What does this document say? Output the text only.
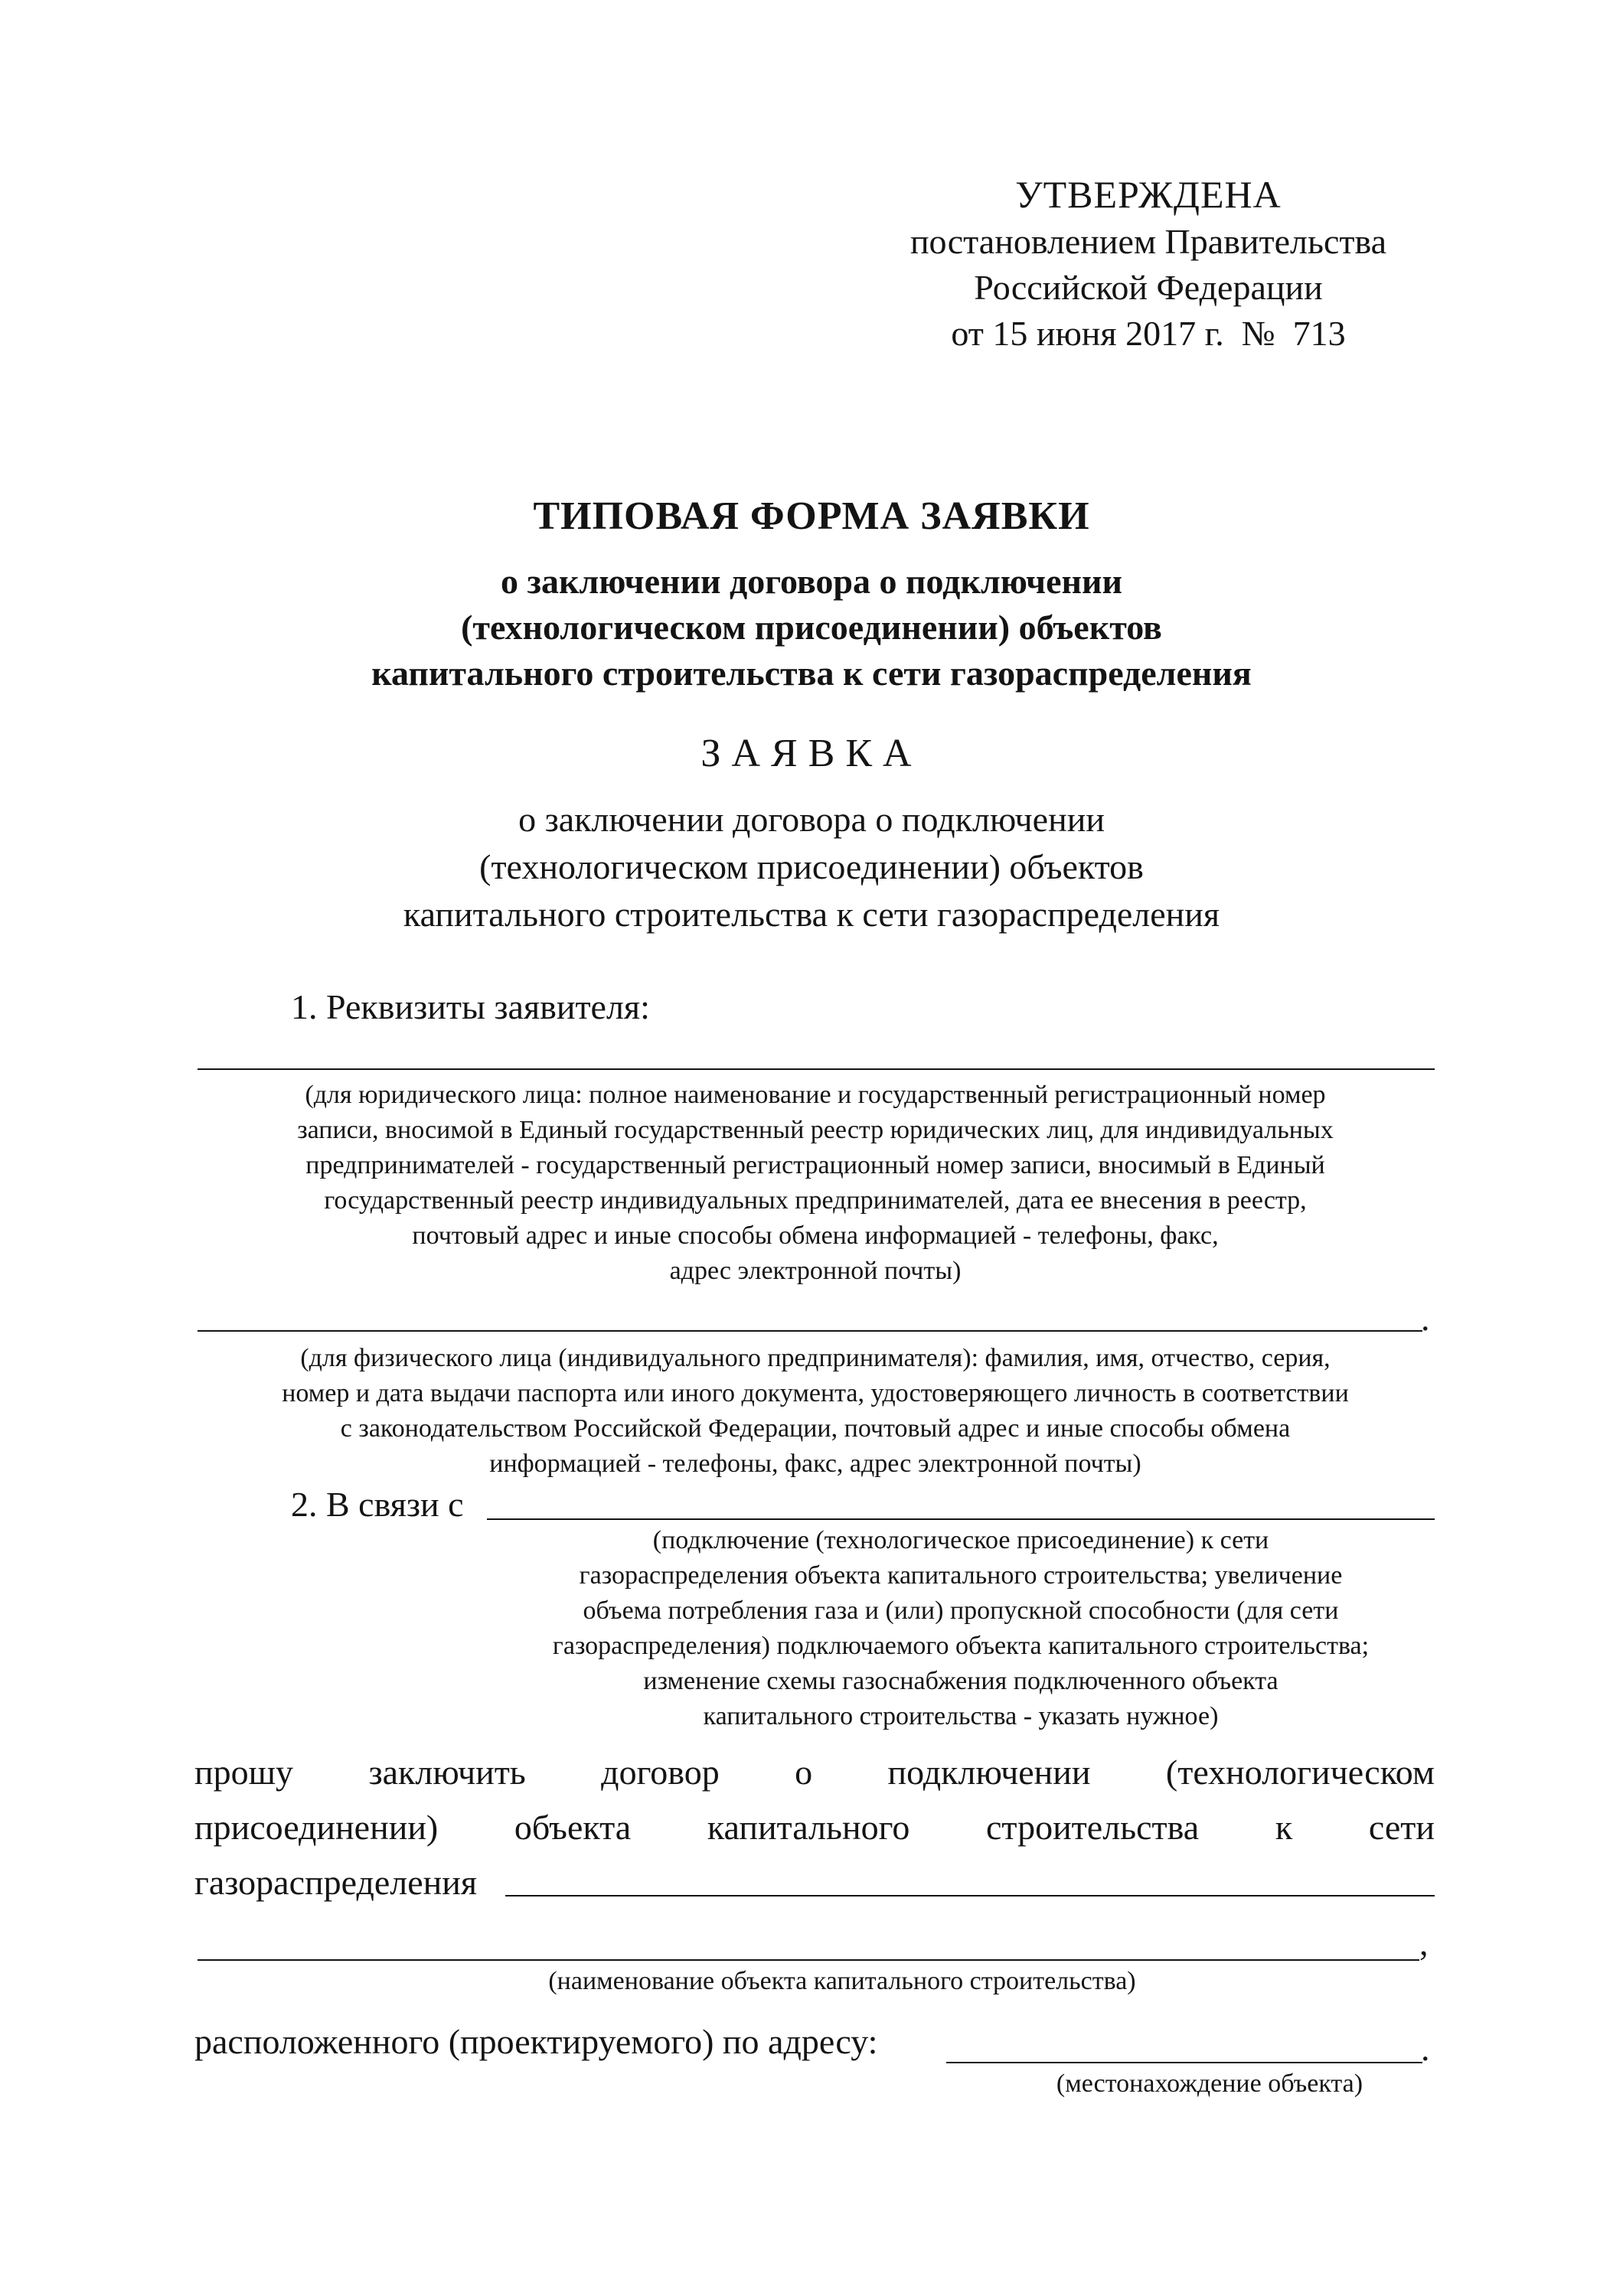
УТВЕРЖДЕНА
постановлением Правительства
Российской Федерации
от 15 июня 2017 г.  №  713
ТИПОВАЯ ФОРМА ЗАЯВКИ
о заключении договора о подключении
(технологическом присоединении) объектов
капитального строительства к сети газораспределения
ЗАЯВКА
о заключении договора о подключении
(технологическом присоединении) объектов
капитального строительства к сети газораспределения
1. Реквизиты заявителя:
(для юридического лица: полное наименование и государственный регистрационный номер
записи, вносимой в Единый государственный реестр юридических лиц, для индивидуальных
предпринимателей - государственный регистрационный номер записи, вносимый в Единый
государственный реестр индивидуальных предпринимателей, дата ее внесения в реестр,
почтовый адрес и иные способы обмена информацией - телефоны, факс,
адрес электронной почты)
.
(для физического лица (индивидуального предпринимателя): фамилия, имя, отчество, серия,
номер и дата выдачи паспорта или иного документа, удостоверяющего личность в соответствии
с законодательством Российской Федерации, почтовый адрес и иные способы обмена
информацией - телефоны, факс, адрес электронной почты)
2. В связи с
(подключение (технологическое присоединение) к сети
газораспределения объекта капитального строительства; увеличение
объема потребления газа и (или) пропускной способности (для сети
газораспределения) подключаемого объекта капитального строительства;
изменение схемы газоснабжения подключенного объекта
капитального строительства - указать нужное)
прошу заключить договор о подключении (технологическом
присоединении) объекта капитального строительства к сети
газораспределения
,
(наименование объекта капитального строительства)
расположенного (проектируемого) по адресу:	.
(местонахождение объекта)
